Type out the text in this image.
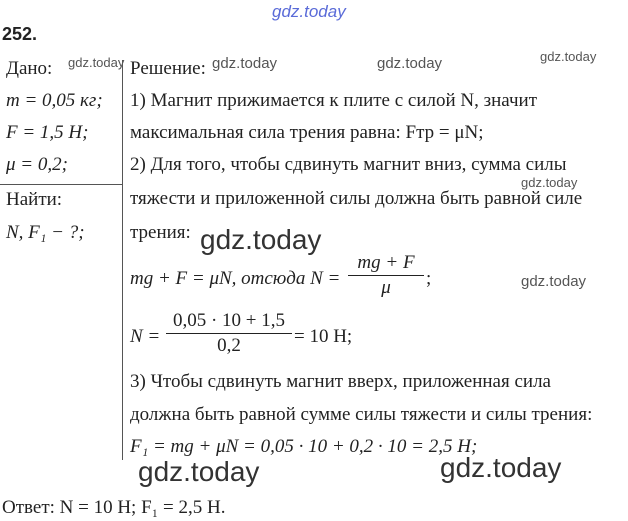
gdz.today
252.
Дано: gdz.today
m = 0,05 кг;
F = 1,5 Н;
μ = 0,2;
Найти:
N, F₁ − ?;
Решение: gdz.today	gdz.today	gdz.today
1) Магнит прижимается к плите с силой N, значит
максимальная сила трения равна: Fтр = μN;
2) Для того, чтобы сдвинуть магнит вниз, сумма силы
gdz.today
тяжести и приложенной силы должна быть равной силе
трения: gdz.today
mg + F = μN, отсюда N =
mg + F
μ	;	gdz.today
N =
0,05 · 10 + 1,5
0,2	= 10 Н;
3) Чтобы сдвинуть магнит вверх, приложенная сила
должна быть равной сумме силы тяжести и силы трения:
F₁ = mg + μN = 0,05 · 10 + 0,2 · 10 = 2,5 Н;
gdz.today	gdz.today
Ответ: N = 10 Н; F₁ = 2,5 Н.
